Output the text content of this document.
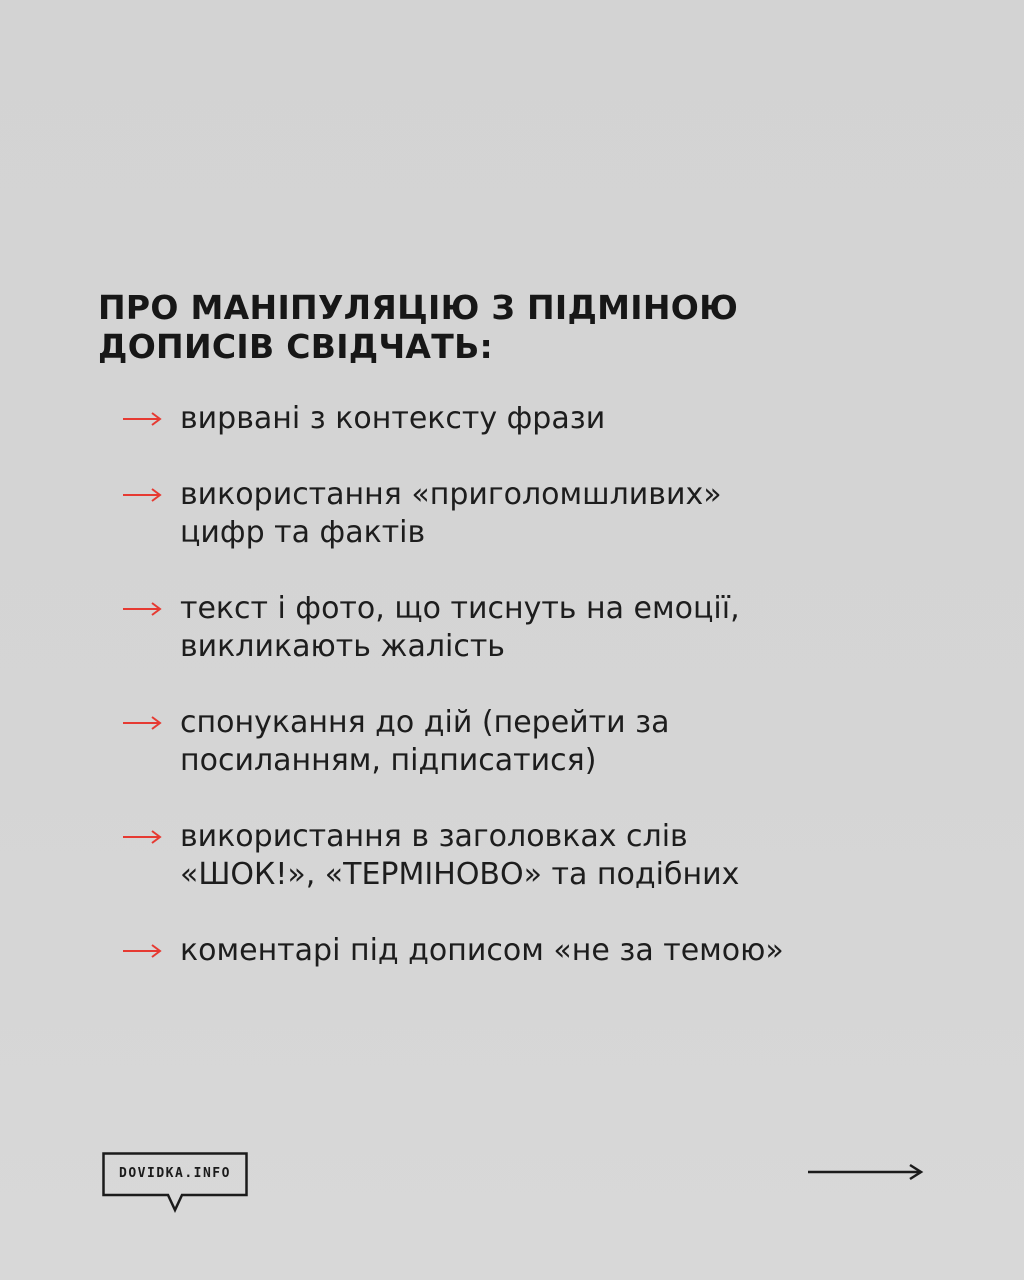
ПРО МАНІПУЛЯЦІЮ З ПІДМІНОЮ
ДОПИСІВ СВІДЧАТЬ:
вирвані з контексту фрази
використання «приголомшливих»
цифр та фактів
текст і фото, що тиснуть на емоції,
викликають жалість
спонукання до дій (перейти за
посиланням, підписатися)
використання в заголовках слів
«ШОК!», «ТЕРМІНОВО» та подібних
коментарі під дописом «не за темою»
DOVIDKA.INFO
